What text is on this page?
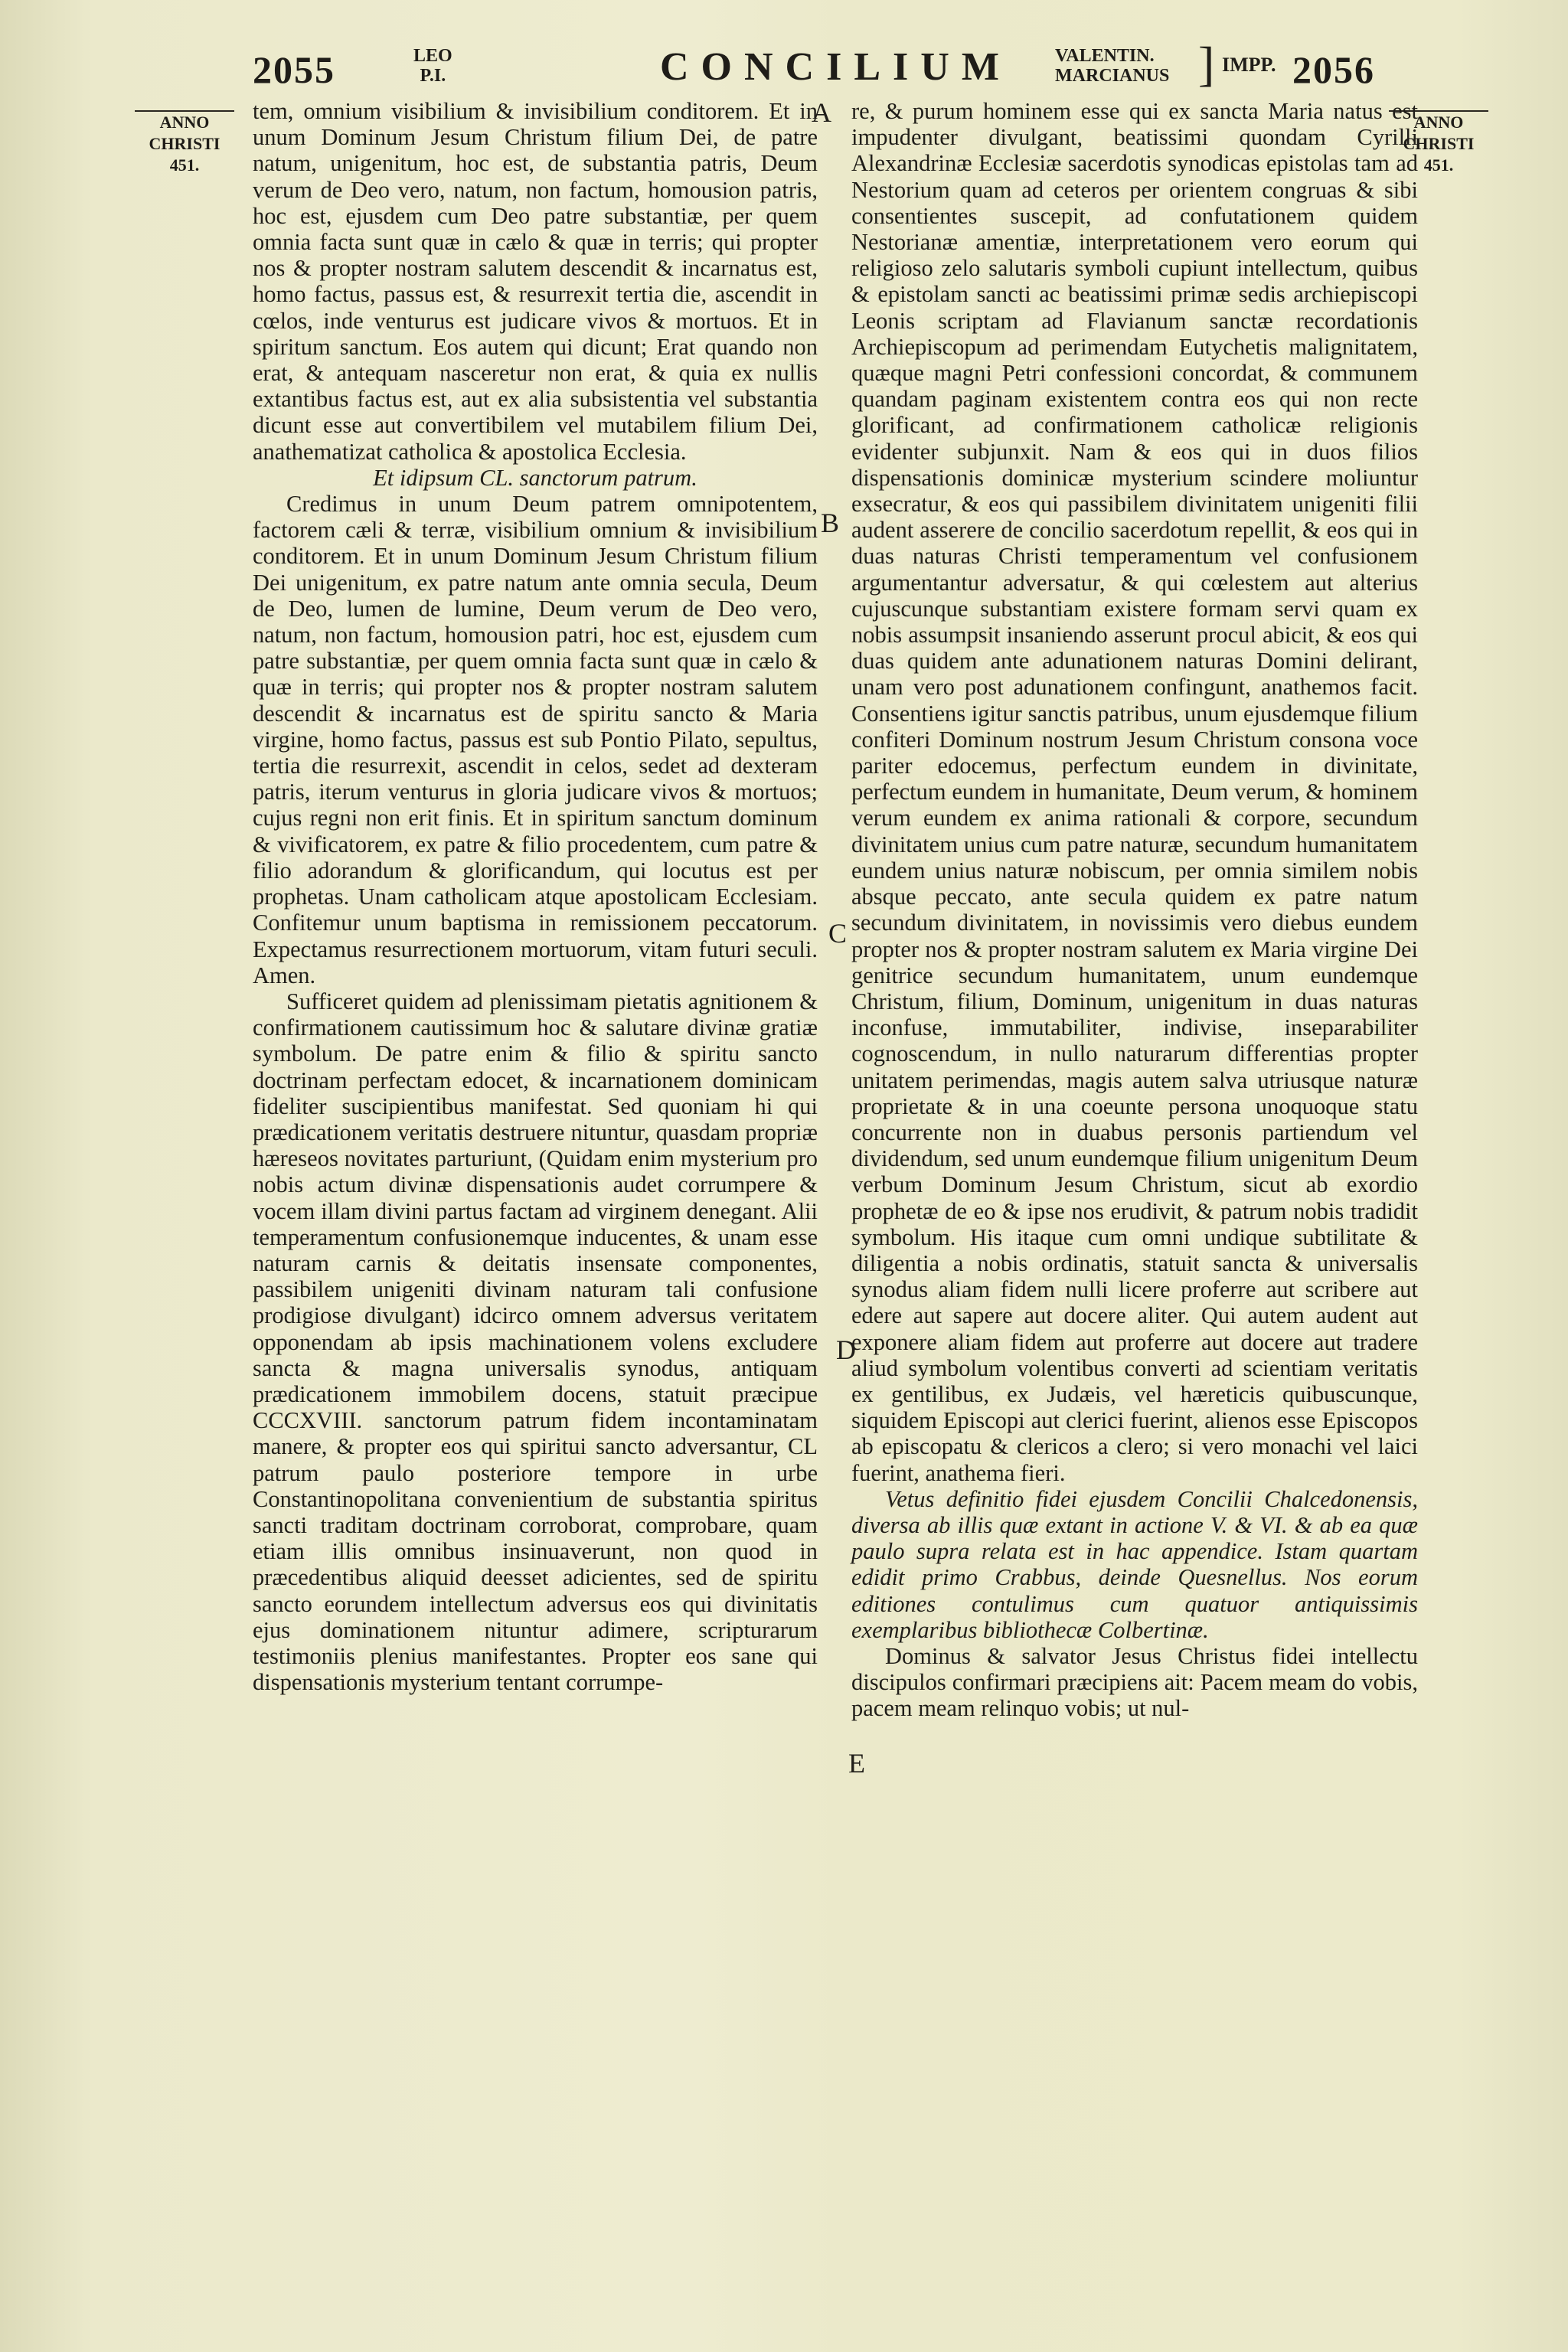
2055	LEO
P.I.	CONCILIUM VALENTIN.
MARCIANUS ] IMPP. 2056
ANNO
CHRISTI
451.
ANNO
CHRISTI
451.

tem, omnium visibilium & invisibilium conditorem. Et in unum Dominum Jesum Christum filium Dei, de patre natum, unigenitum, hoc est, de substantia patris, Deum verum de Deo vero, natum, non factum, homousion patris, hoc est, ejusdem cum Deo patre substantiæ, per quem omnia facta sunt quæ in cælo & quæ in terris; qui propter nos & propter nostram salutem descendit & incarnatus est, homo factus, passus est, & resurrexit tertia die, ascendit in cœlos, inde venturus est judicare vivos & mortuos. Et in spiritum sanctum. Eos autem qui dicunt; Erat quando non erat, & antequam nasceretur non erat, & quia ex nullis extantibus factus est, aut ex alia subsistentia vel substantia dicunt esse aut convertibilem vel mutabilem filium Dei, anathematizat catholica & apostolica Ecclesia.

Et idipsum CL. sanctorum patrum.

Credimus in unum Deum patrem omnipotentem, factorem cæli & terræ, visibilium omnium & invisibilium conditorem. Et in unum Dominum Jesum Christum filium Dei unigenitum, ex patre natum ante omnia secula, Deum de Deo, lumen de lumine, Deum verum de Deo vero, natum, non factum, homousion patri, hoc est, ejusdem cum patre substantiæ, per quem omnia facta sunt quæ in cælo & quæ in terris; qui propter nos & propter nostram salutem descendit & incarnatus est de spiritu sancto & Maria virgine, homo factus, passus est sub Pontio Pilato, sepultus, tertia die resurrexit, ascendit in celos, sedet ad dexteram patris, iterum venturus in gloria judicare vivos & mortuos; cujus regni non erit finis. Et in spiritum sanctum dominum & vivificatorem, ex patre & filio procedentem, cum patre & filio adorandum & glorificandum, qui locutus est per prophetas. Unam catholicam atque apostolicam Ecclesiam. Confitemur unum baptisma in remissionem peccatorum. Expectamus resurrectionem mortuorum, vitam futuri seculi. Amen.

Sufficeret quidem ad plenissimam pietatis agnitionem & confirmationem cautissimum hoc & salutare divinæ gratiæ symbolum. De patre enim & filio & spiritu sancto doctrinam perfectam edocet, & incarnationem dominicam fideliter suscipientibus manifestat. Sed quoniam hi qui prædicationem veritatis destruere nituntur, quasdam propriæ hæreseos novitates parturiunt, (Quidam enim mysterium pro nobis actum divinæ dispensationis audet corrumpere & vocem illam divini partus factam ad virginem denegant. Alii temperamentum confusionemque inducentes, & unam esse naturam carnis & deitatis insensate componentes, passibilem unigeniti divinam naturam tali confusione prodigiose divulgant) idcirco omnem adversus veritatem opponendam ab ipsis machinationem volens excludere sancta & magna universalis synodus, antiquam prædicationem immobilem docens, statuit præcipue CCCXVIII. sanctorum patrum fidem incontaminatam manere, & propter eos qui spiritui sancto adversantur, CL patrum paulo posteriore tempore in urbe Constantinopolitana convenientium de substantia spiritus sancti traditam doctrinam corroborat, comprobare, quam etiam illis omnibus insinuaverunt, non quod in præcedentibus aliquid deesset adicientes, sed de spiritu sancto eorundem intellectum adversus eos qui divinitatis ejus dominationem nituntur adimere, scripturarum testimoniis plenius manifestantes. Propter eos sane qui dispensationis mysterium tentant corrumpe-

re, & purum hominem esse qui ex sancta Maria natus est impudenter divulgant, beatissimi quondam Cyrilli Alexandrinæ Ecclesiæ sacerdotis synodicas epistolas tam ad Nestorium quam ad ceteros per orientem congruas & sibi consentientes suscepit, ad confutationem quidem Nestorianæ amentiæ, interpretationem vero eorum qui religioso zelo salutaris symboli cupiunt intellectum, quibus & epistolam sancti ac beatissimi primæ sedis archiepiscopi Leonis scriptam ad Flavianum sanctæ recordationis Archiepiscopum ad perimendam Eutychetis malignitatem, quæque magni Petri confessioni concordat, & communem quandam paginam existentem contra eos qui non recte glorificant, ad confirmationem catholicæ religionis evidenter subjunxit. Nam & eos qui in duos filios dispensationis dominicæ mysterium scindere moliuntur exsecratur, & eos qui passibilem divinitatem unigeniti filii audent asserere de concilio sacerdotum repellit, & eos qui in duas naturas Christi temperamentum vel confusionem argumentantur adversatur, & qui cœlestem aut alterius cujuscunque substantiam existere formam servi quam ex nobis assumpsit insaniendo asserunt procul abicit, & eos qui duas quidem ante adunationem naturas Domini delirant, unam vero post adunationem confingunt, anathemos facit. Consentiens igitur sanctis patribus, unum ejusdemque filium confiteri Dominum nostrum Jesum Christum consona voce pariter edocemus, perfectum eundem in divinitate, perfectum eundem in humanitate, Deum verum, & hominem verum eundem ex anima rationali & corpore, secundum divinitatem unius cum patre naturæ, secundum humanitatem eundem unius naturæ nobiscum, per omnia similem nobis absque peccato, ante secula quidem ex patre natum secundum divinitatem, in novissimis vero diebus eundem propter nos & propter nostram salutem ex Maria virgine Dei genitrice secundum humanitatem, unum eundemque Christum, filium, Dominum, unigenitum in duas naturas inconfuse, immutabiliter, indivise, inseparabiliter cognoscendum, in nullo naturarum differentias propter unitatem perimendas, magis autem salva utriusque naturæ proprietate & in una coeunte persona unoquoque statu concurrente non in duabus personis partiendum vel dividendum, sed unum eundemque filium unigenitum Deum verbum Dominum Jesum Christum, sicut ab exordio prophetæ de eo & ipse nos erudivit, & patrum nobis tradidit symbolum. His itaque cum omni undique subtilitate & diligentia a nobis ordinatis, statuit sancta & universalis synodus aliam fidem nulli licere proferre aut scribere aut edere aut sapere aut docere aliter. Qui autem audent aut exponere aliam fidem aut proferre aut docere aut tradere aliud symbolum volentibus converti ad scientiam veritatis ex gentilibus, ex Judæis, vel hæreticis quibuscunque, siquidem Episcopi aut clerici fuerint, alienos esse Episcopos ab episcopatu & clericos a clero; si vero monachi vel laici fuerint, anathema fieri.

Vetus definitio fidei ejusdem Concilii Chalcedonensis, diversa ab illis quæ extant in actione V. & VI. & ab ea quæ paulo supra relata est in hac appendice. Istam quartam edidit primo Crabbus, deinde Quesnellus. Nos eorum editiones contulimus cum quatuor antiquissimis exemplaribus bibliothecæ Colbertinæ.

Dominus & salvator Jesus Christus fidei intellectu discipulos confirmari præcipiens ait: Pacem meam do vobis, pacem meam relinquo vobis; ut nul-

A
B
C
D
E
